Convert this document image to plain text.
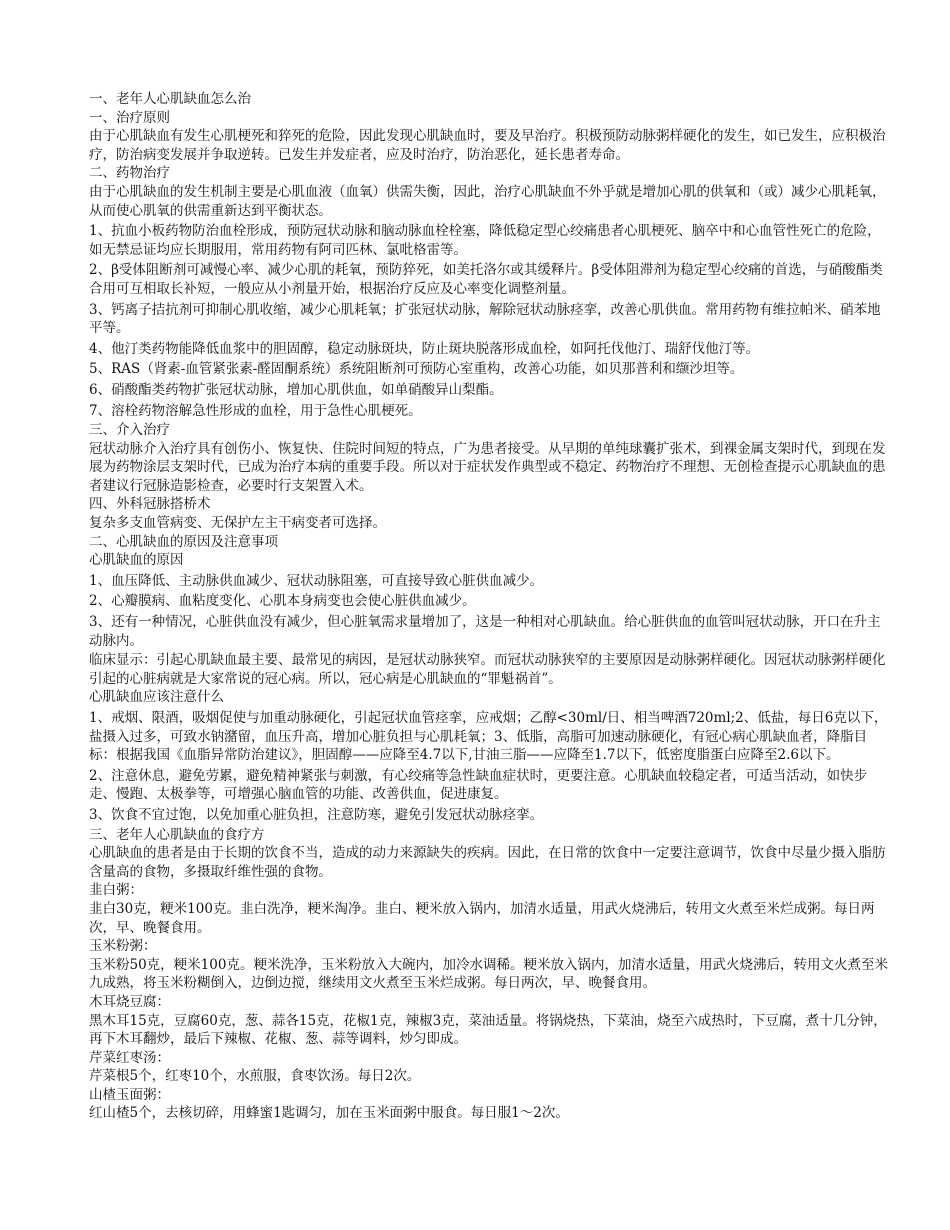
一、老年人心肌缺血怎么治

一、治疗原则

由于心肌缺血有发生心肌梗死和猝死的危险，因此发现心肌缺血时，要及早治疗。积极预防动脉粥样硬化的发生，如已发生，应积极治疗，防治病变发展并争取逆转。已发生并发症者，应及时治疗，防治恶化，延长患者寿命。

二、药物治疗

由于心肌缺血的发生机制主要是心肌血液（血氧）供需失衡，因此，治疗心肌缺血不外乎就是增加心肌的供氧和（或）减少心肌耗氧，从而使心肌氧的供需重新达到平衡状态。

1、抗血小板药物防治血栓形成，预防冠状动脉和脑动脉血栓栓塞，降低稳定型心绞痛患者心肌梗死、脑卒中和心血管性死亡的危险，如无禁忌证均应长期服用，常用药物有阿司匹林、氯吡格雷等。

2、β受体阻断剂可减慢心率、减少心肌的耗氧，预防猝死，如美托洛尔或其缓释片。β受体阻滞剂为稳定型心绞痛的首选，与硝酸酯类合用可互相取长补短，一般应从小剂量开始，根据治疗反应及心率变化调整剂量。

3、钙离子拮抗剂可抑制心肌收缩，减少心肌耗氧；扩张冠状动脉，解除冠状动脉痉挛，改善心肌供血。常用药物有维拉帕米、硝苯地平等。

4、他汀类药物能降低血浆中的胆固醇，稳定动脉斑块，防止斑块脱落形成血栓，如阿托伐他汀、瑞舒伐他汀等。

5、RAS（肾素-血管紧张素-醛固酮系统）系统阻断剂可预防心室重构，改善心功能，如贝那普利和缬沙坦等。

6、硝酸酯类药物扩张冠状动脉，增加心肌供血，如单硝酸异山梨酯。

7、溶栓药物溶解急性形成的血栓，用于急性心肌梗死。

三、介入治疗

冠状动脉介入治疗具有创伤小、恢复快、住院时间短的特点，广为患者接受。从早期的单纯球囊扩张术，到裸金属支架时代，到现在发展为药物涂层支架时代，已成为治疗本病的重要手段。所以对于症状发作典型或不稳定、药物治疗不理想、无创检查提示心肌缺血的患者建议行冠脉造影检查，必要时行支架置入术。

四、外科冠脉搭桥术

复杂多支血管病变、无保护左主干病变者可选择。

二、心肌缺血的原因及注意事项

心肌缺血的原因

1、血压降低、主动脉供血减少、冠状动脉阻塞，可直接导致心脏供血减少。

2、心瓣膜病、血粘度变化、心肌本身病变也会使心脏供血减少。

3、还有一种情况，心脏供血没有减少，但心脏氧需求量增加了，这是一种相对心肌缺血。给心脏供血的血管叫冠状动脉，开口在升主动脉内。

临床显示：引起心肌缺血最主要、最常见的病因，是冠状动脉狭窄。而冠状动脉狭窄的主要原因是动脉粥样硬化。因冠状动脉粥样硬化引起的心脏病就是大家常说的冠心病。所以，冠心病是心肌缺血的“罪魁祸首”。

心肌缺血应该注意什么

1、戒烟、限酒，吸烟促使与加重动脉硬化，引起冠状血管痉挛，应戒烟；乙醇<30ml/日、相当啤酒720ml;2、低盐，每日6克以下，盐摄入过多，可致水钠潴留，血压升高，增加心脏负担与心肌耗氧；3、低脂，高脂可加速动脉硬化，有冠心病心肌缺血者，降脂目标：根据我国《血脂异常防治建议》，胆固醇——应降至4.7以下,甘油三脂——应降至1.7以下，低密度脂蛋白应降至2.6以下。

2、注意休息，避免劳累，避免精神紧张与刺激，有心绞痛等急性缺血症状时，更要注意。心肌缺血较稳定者，可适当活动，如快步走、慢跑、太极拳等，可增强心脑血管的功能、改善供血，促进康复。

3、饮食不宜过饱，以免加重心脏负担，注意防寒，避免引发冠状动脉痉挛。

三、老年人心肌缺血的食疗方

心肌缺血的患者是由于长期的饮食不当，造成的动力来源缺失的疾病。因此，在日常的饮食中一定要注意调节，饮食中尽量少摄入脂肪含量高的食物，多摄取纤维性强的食物。

韭白粥：

韭白30克，粳米100克。韭白洗净，粳米淘净。韭白、粳米放入锅内，加清水适量，用武火烧沸后，转用文火煮至米烂成粥。每日两次，早、晚餐食用。

玉米粉粥：

玉米粉50克，粳米100克。粳米洗净，玉米粉放入大碗内，加冷水调稀。粳米放入锅内，加清水适量，用武火烧沸后，转用文火煮至米九成熟，将玉米粉糊倒入，边倒边搅，继续用文火煮至玉米烂成粥。每日两次，早、晚餐食用。

木耳烧豆腐：

黑木耳15克，豆腐60克，葱、蒜各15克，花椒1克，辣椒3克，菜油适量。将锅烧热，下菜油，烧至六成热时，下豆腐，煮十几分钟，再下木耳翻炒，最后下辣椒、花椒、葱、蒜等调料，炒匀即成。

芹菜红枣汤：

芹菜根5个，红枣10个，水煎服，食枣饮汤。每日2次。

山楂玉面粥：

红山楂5个，去核切碎，用蜂蜜1匙调匀，加在玉米面粥中服食。每日服1～2次。
